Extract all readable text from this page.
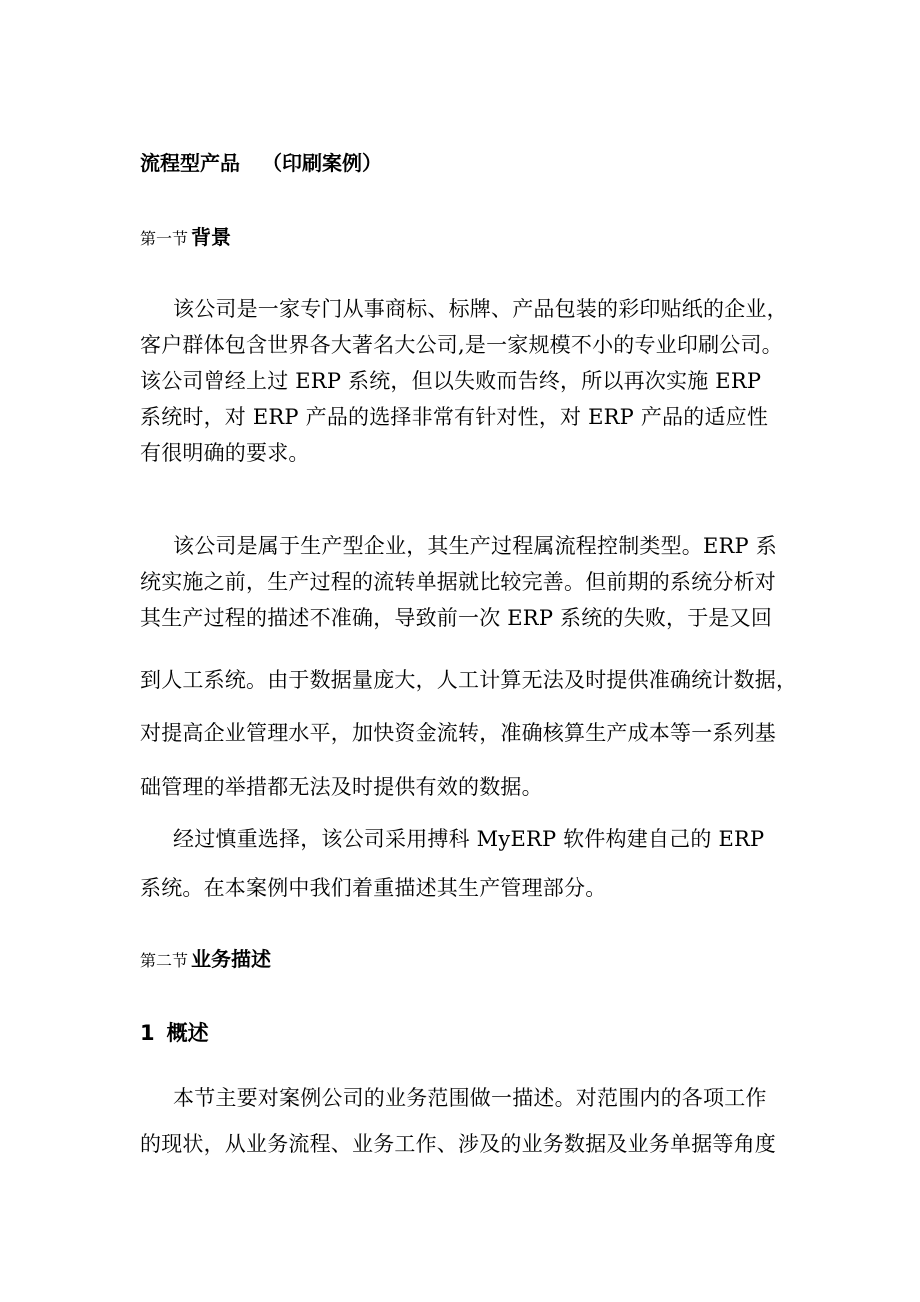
流程型产品 （印刷案例）
第一节 背景
该公司是一家专门从事商标、标牌、产品包装的彩印贴纸的企业，
客户群体包含世界各大著名大公司,是一家规模不小的专业印刷公司。
该公司曾经上过 ERP 系统，但以失败而告终，所以再次实施 ERP
系统时，对 ERP 产品的选择非常有针对性，对 ERP 产品的适应性
有很明确的要求。
该公司是属于生产型企业，其生产过程属流程控制类型。ERP 系
统实施之前，生产过程的流转单据就比较完善。但前期的系统分析对
其生产过程的描述不准确，导致前一次 ERP 系统的失败，于是又回
到人工系统。由于数据量庞大，人工计算无法及时提供准确统计数据，
对提高企业管理水平，加快资金流转，准确核算生产成本等一系列基
础管理的举措都无法及时提供有效的数据。
经过慎重选择，该公司采用搏科 MyERP 软件构建自己的 ERP
系统。在本案例中我们着重描述其生产管理部分。
第二节 业务描述
1 概述
本节主要对案例公司的业务范围做一描述。对范围内的各项工作
的现状，从业务流程、业务工作、涉及的业务数据及业务单据等角度
